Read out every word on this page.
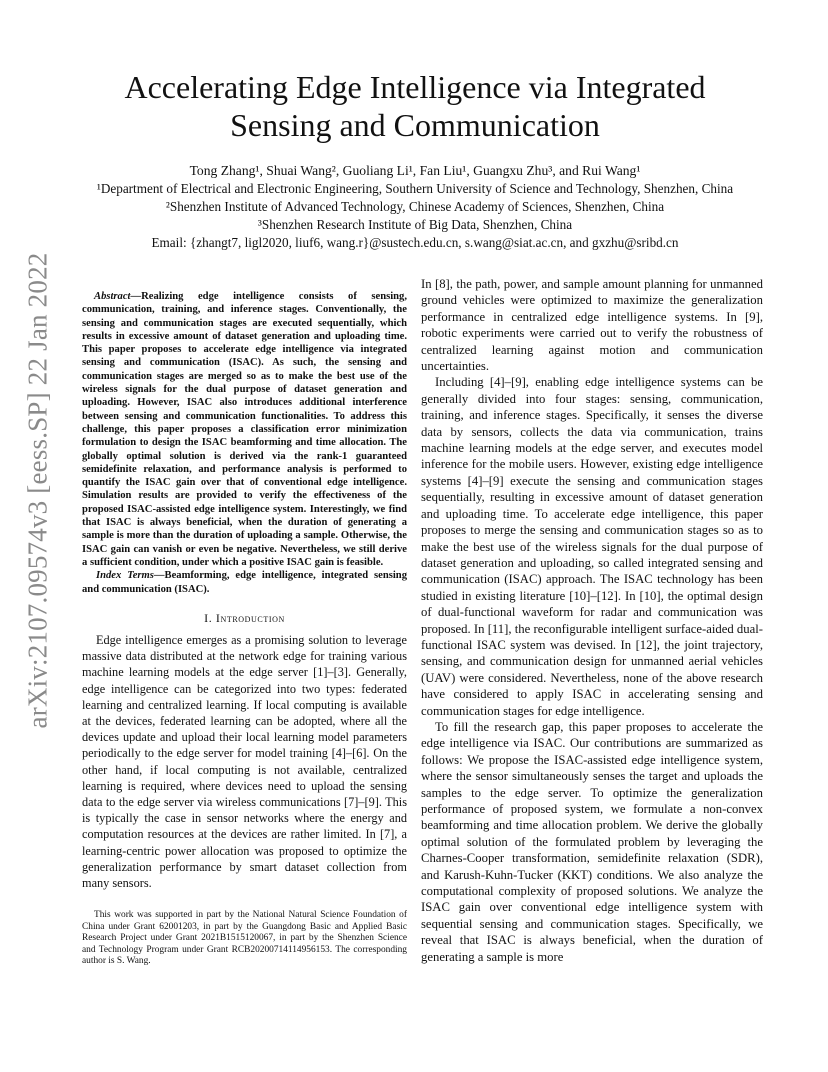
arXiv:2107.09574v3 [eess.SP] 22 Jan 2022
Accelerating Edge Intelligence via Integrated
Sensing and Communication
Tong Zhang¹, Shuai Wang², Guoliang Li¹, Fan Liu¹, Guangxu Zhu³, and Rui Wang¹
¹Department of Electrical and Electronic Engineering, Southern University of Science and Technology, Shenzhen, China
²Shenzhen Institute of Advanced Technology, Chinese Academy of Sciences, Shenzhen, China
³Shenzhen Research Institute of Big Data, Shenzhen, China
Email: {zhangt7, ligl2020, liuf6, wang.r}@sustech.edu.cn, s.wang@siat.ac.cn, and gxzhu@sribd.cn

Abstract—Realizing edge intelligence consists of sensing, communication, training, and inference stages. Conventionally, the sensing and communication stages are executed sequentially, which results in excessive amount of dataset generation and uploading time. This paper proposes to accelerate edge intelligence via integrated sensing and communication (ISAC). As such, the sensing and communication stages are merged so as to make the best use of the wireless signals for the dual purpose of dataset generation and uploading. However, ISAC also introduces additional interference between sensing and communication functionalities. To address this challenge, this paper proposes a classification error minimization formulation to design the ISAC beamforming and time allocation. The globally optimal solution is derived via the rank-1 guaranteed semidefinite relaxation, and performance analysis is performed to quantify the ISAC gain over that of conventional edge intelligence. Simulation results are provided to verify the effectiveness of the proposed ISAC-assisted edge intelligence system. Interestingly, we find that ISAC is always beneficial, when the duration of generating a sample is more than the duration of uploading a sample. Otherwise, the ISAC gain can vanish or even be negative. Nevertheless, we still derive a sufficient condition, under which a positive ISAC gain is feasible.

Index Terms—Beamforming, edge intelligence, integrated sensing and communication (ISAC).

I. Introduction

Edge intelligence emerges as a promising solution to leverage massive data distributed at the network edge for training various machine learning models at the edge server [1]–[3]. Generally, edge intelligence can be categorized into two types: federated learning and centralized learning. If local computing is available at the devices, federated learning can be adopted, where all the devices update and upload their local learning model parameters periodically to the edge server for model training [4]–[6]. On the other hand, if local computing is not available, centralized learning is required, where devices need to upload the sensing data to the edge server via wireless communications [7]–[9]. This is typically the case in sensor networks where the energy and computation resources at the devices are rather limited. In [7], a learning-centric power allocation was proposed to optimize the generalization performance by smart dataset collection from many sensors.

This work was supported in part by the National Natural Science Foundation of China under Grant 62001203, in part by the Guangdong Basic and Applied Basic Research Project under Grant 2021B1515120067, in part by the Shenzhen Science and Technology Program under Grant RCB20200714114956153. The corresponding author is S. Wang.

In [8], the path, power, and sample amount planning for unmanned ground vehicles were optimized to maximize the generalization performance in centralized edge intelligence systems. In [9], robotic experiments were carried out to verify the robustness of centralized learning against motion and communication uncertainties.

Including [4]–[9], enabling edge intelligence systems can be generally divided into four stages: sensing, communication, training, and inference stages. Specifically, it senses the diverse data by sensors, collects the data via communication, trains machine learning models at the edge server, and executes model inference for the mobile users. However, existing edge intelligence systems [4]–[9] execute the sensing and communication stages sequentially, resulting in excessive amount of dataset generation and uploading time. To accelerate edge intelligence, this paper proposes to merge the sensing and communication stages so as to make the best use of the wireless signals for the dual purpose of dataset generation and uploading, so called integrated sensing and communication (ISAC) approach. The ISAC technology has been studied in existing literature [10]–[12]. In [10], the optimal design of dual-functional waveform for radar and communication was proposed. In [11], the reconfigurable intelligent surface-aided dual-functional ISAC system was devised. In [12], the joint trajectory, sensing, and communication design for unmanned aerial vehicles (UAV) were considered. Nevertheless, none of the above research have considered to apply ISAC in accelerating sensing and communication stages for edge intelligence.

To fill the research gap, this paper proposes to accelerate the edge intelligence via ISAC. Our contributions are summarized as follows: We propose the ISAC-assisted edge intelligence system, where the sensor simultaneously senses the target and uploads the samples to the edge server. To optimize the generalization performance of proposed system, we formulate a non-convex beamforming and time allocation problem. We derive the globally optimal solution of the formulated problem by leveraging the Charnes-Cooper transformation, semidefinite relaxation (SDR), and Karush-Kuhn-Tucker (KKT) conditions. We also analyze the computational complexity of proposed solutions. We analyze the ISAC gain over conventional edge intelligence system with sequential sensing and communication stages. Specifically, we reveal that ISAC is always beneficial, when the duration of generating a sample is more
